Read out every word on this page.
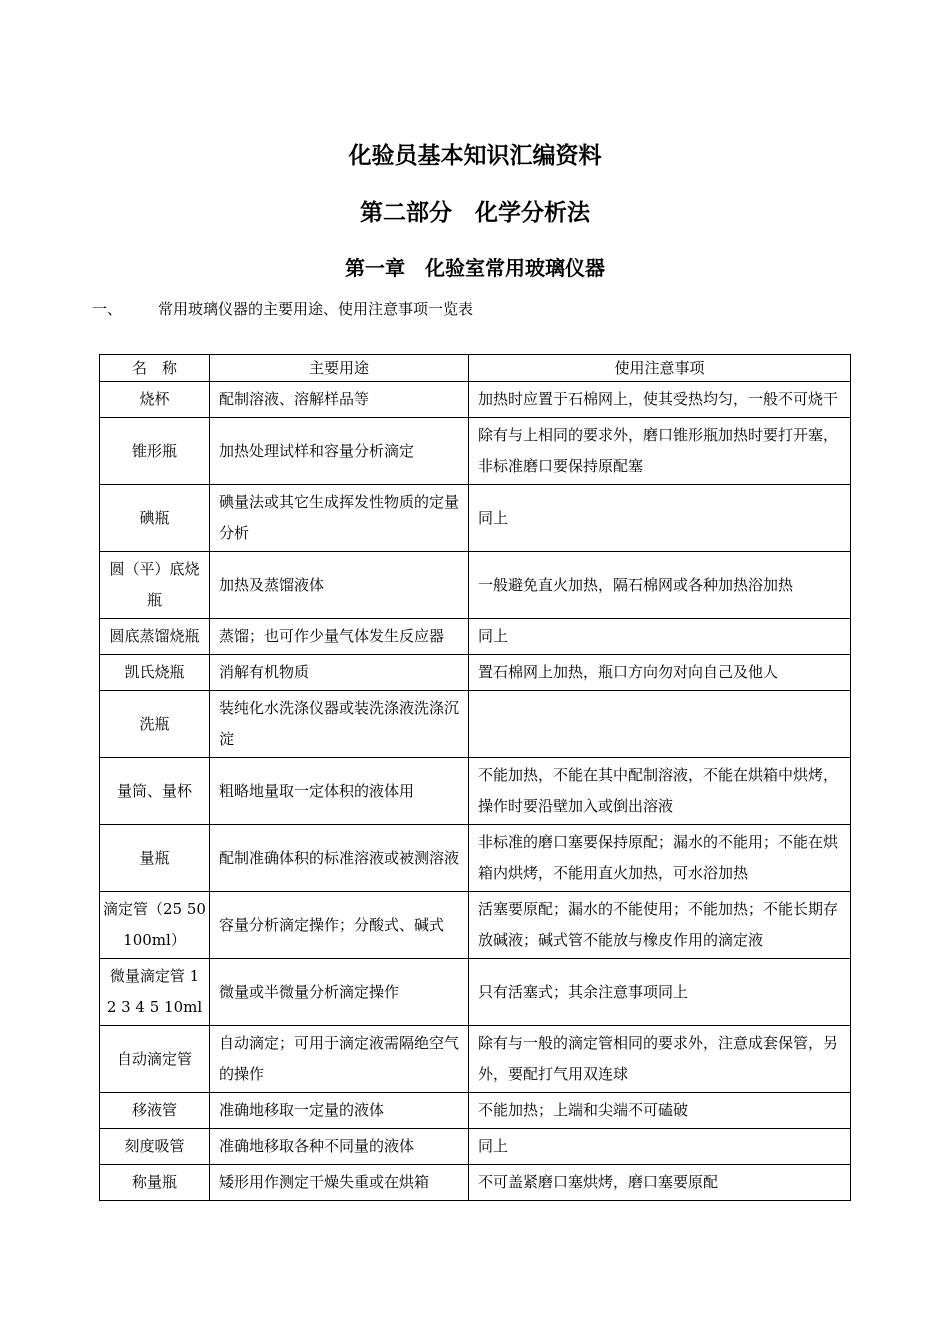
化验员基本知识汇编资料
第二部分　化学分析法
第一章　化验室常用玻璃仪器
一、 常用玻璃仪器的主要用途、使用注意事项一览表
名　称	主要用途	使用注意事项
烧杯	配制溶液、溶解样品等	加热时应置于石棉网上，使其受热均匀，一般不可烧干
锥形瓶	加热处理试样和容量分析滴定	除有与上相同的要求外，磨口锥形瓶加热时要打开塞，非标准磨口要保持原配塞
碘瓶	碘量法或其它生成挥发性物质的定量分析	同上
圆（平）底烧瓶	加热及蒸馏液体	一般避免直火加热，隔石棉网或各种加热浴加热
圆底蒸馏烧瓶	蒸馏；也可作少量气体发生反应器	同上
凯氏烧瓶	消解有机物质	置石棉网上加热，瓶口方向勿对向自己及他人
洗瓶	装纯化水洗涤仪器或装洗涤液洗涤沉淀	
量筒、量杯	粗略地量取一定体积的液体用	不能加热，不能在其中配制溶液，不能在烘箱中烘烤，操作时要沿壁加入或倒出溶液
量瓶	配制准确体积的标准溶液或被测溶液	非标准的磨口塞要保持原配；漏水的不能用；不能在烘箱内烘烤，不能用直火加热，可水浴加热
滴定管（25 50 100ml）	容量分析滴定操作；分酸式、碱式	活塞要原配；漏水的不能使用；不能加热；不能长期存放碱液；碱式管不能放与橡皮作用的滴定液
微量滴定管 1 2 3 4 5 10ml	微量或半微量分析滴定操作	只有活塞式；其余注意事项同上
自动滴定管	自动滴定；可用于滴定液需隔绝空气的操作	除有与一般的滴定管相同的要求外，注意成套保管，另外，要配打气用双连球
移液管	准确地移取一定量的液体	不能加热；上端和尖端不可磕破
刻度吸管	准确地移取各种不同量的液体	同上
称量瓶	矮形用作测定干燥失重或在烘箱	不可盖紧磨口塞烘烤，磨口塞要原配
